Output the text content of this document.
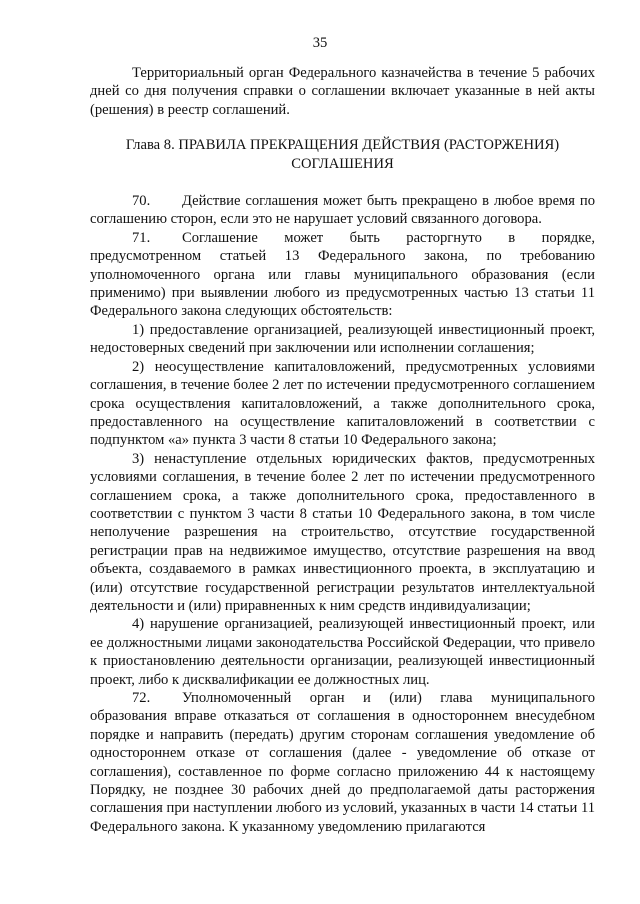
35

Территориальный орган Федерального казначейства в течение 5 рабочих дней со дня получения справки о соглашении включает указанные в ней акты (решения) в реестр соглашений.

Глава 8. ПРАВИЛА ПРЕКРАЩЕНИЯ ДЕЙСТВИЯ (РАСТОРЖЕНИЯ)
СОГЛАШЕНИЯ

70. Действие соглашения может быть прекращено в любое время по соглашению сторон, если это не нарушает условий связанного договора.

71. Соглашение может быть расторгнуто в порядке, предусмотренном статьей 13 Федерального закона, по требованию уполномоченного органа или главы муниципального образования (если применимо) при выявлении любого из предусмотренных частью 13 статьи 11 Федерального закона следующих обстоятельств:

1) предоставление организацией, реализующей инвестиционный проект, недостоверных сведений при заключении или исполнении соглашения;

2) неосуществление капиталовложений, предусмотренных условиями соглашения, в течение более 2 лет по истечении предусмотренного соглашением срока осуществления капиталовложений, а также дополнительного срока, предоставленного на осуществление капиталовложений в соответствии с подпунктом «а» пункта 3 части 8 статьи 10 Федерального закона;

3) ненаступление отдельных юридических фактов, предусмотренных условиями соглашения, в течение более 2 лет по истечении предусмотренного соглашением срока, а также дополнительного срока, предоставленного в соответствии с пунктом 3 части 8 статьи 10 Федерального закона, в том числе неполучение разрешения на строительство, отсутствие государственной регистрации прав на недвижимое имущество, отсутствие разрешения на ввод объекта, создаваемого в рамках инвестиционного проекта, в эксплуатацию и (или) отсутствие государственной регистрации результатов интеллектуальной деятельности и (или) приравненных к ним средств индивидуализации;

4) нарушение организацией, реализующей инвестиционный проект, или ее должностными лицами законодательства Российской Федерации, что привело к приостановлению деятельности организации, реализующей инвестиционный проект, либо к дисквалификации ее должностных лиц.

72. Уполномоченный орган и (или) глава муниципального образования вправе отказаться от соглашения в одностороннем внесудебном порядке и направить (передать) другим сторонам соглашения уведомление об одностороннем отказе от соглашения (далее - уведомление об отказе от соглашения), составленное по форме согласно приложению 44 к настоящему Порядку, не позднее 30 рабочих дней до предполагаемой даты расторжения соглашения при наступлении любого из условий, указанных в части 14 статьи 11 Федерального закона. К указанному уведомлению прилагаются
